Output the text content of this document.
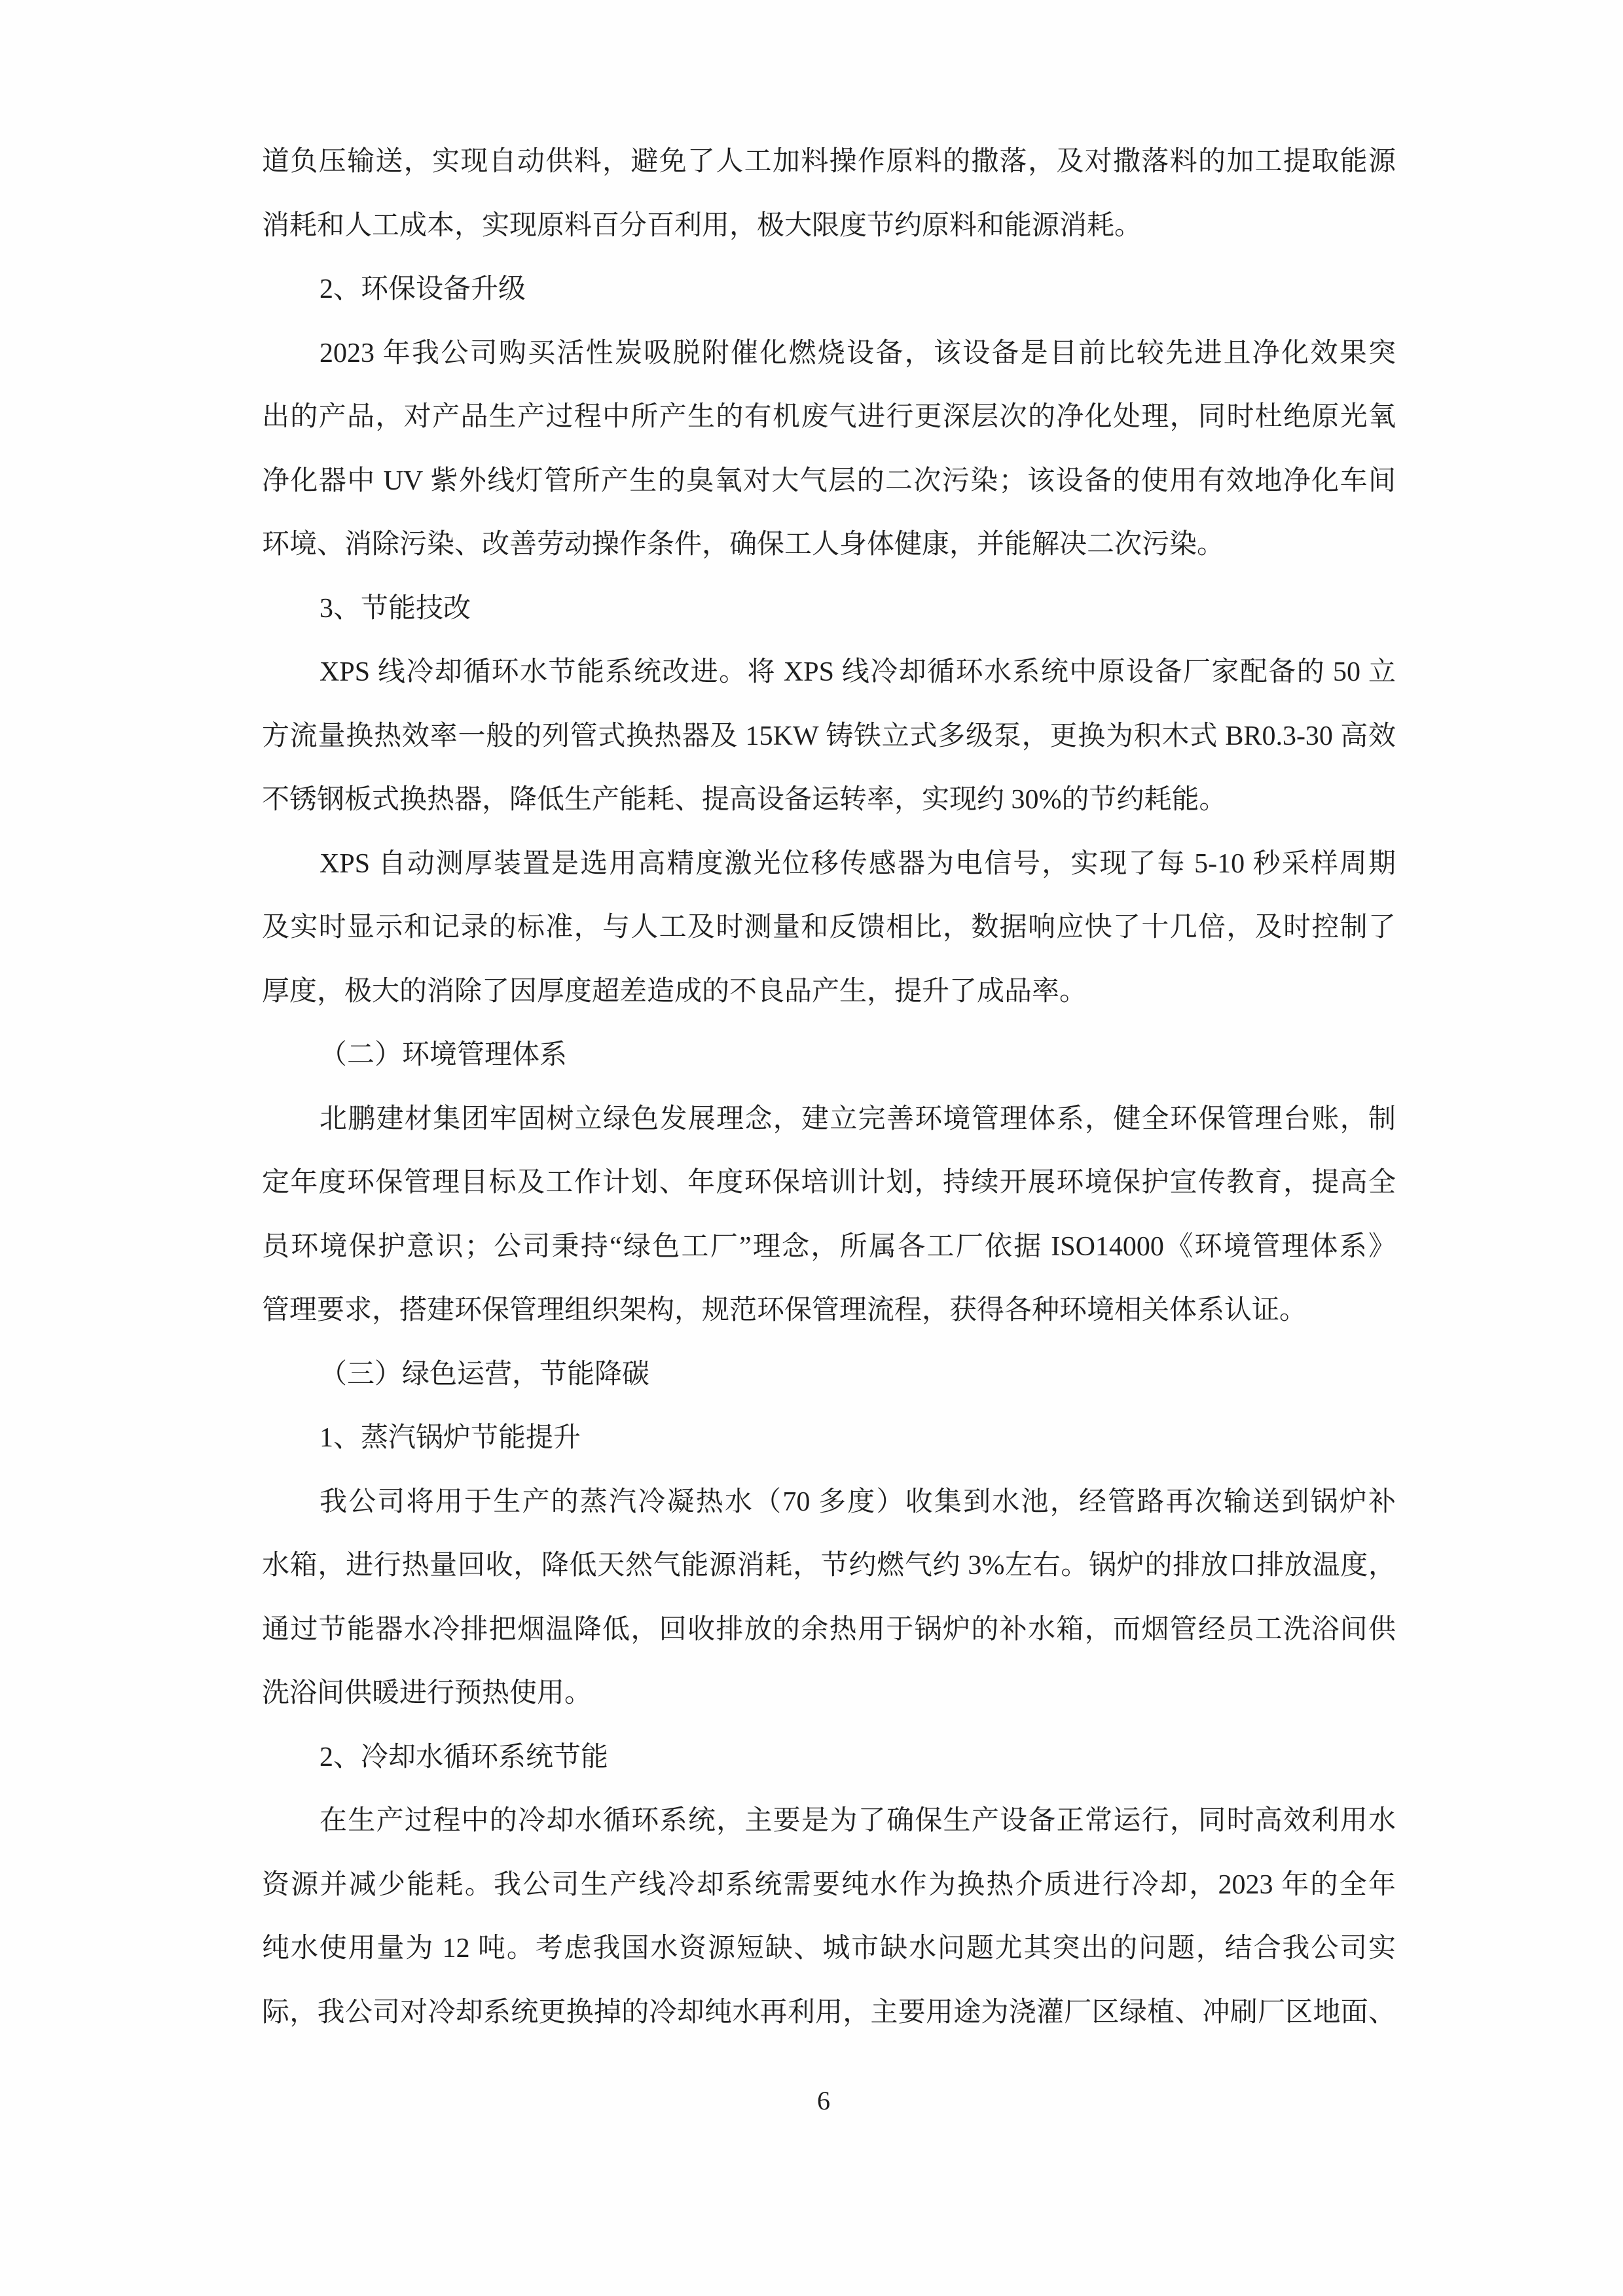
道负压输送，实现自动供料，避免了人工加料操作原料的撒落，及对撒落料的加工提取能源
消耗和人工成本，实现原料百分百利用，极大限度节约原料和能源消耗。
2、环保设备升级
2023 年我公司购买活性炭吸脱附催化燃烧设备，该设备是目前比较先进且净化效果突
出的产品，对产品生产过程中所产生的有机废气进行更深层次的净化处理，同时杜绝原光氧
净化器中 UV 紫外线灯管所产生的臭氧对大气层的二次污染；该设备的使用有效地净化车间
环境、消除污染、改善劳动操作条件，确保工人身体健康，并能解决二次污染。
3、节能技改
XPS 线冷却循环水节能系统改进。将 XPS 线冷却循环水系统中原设备厂家配备的 50 立
方流量换热效率一般的列管式换热器及 15KW 铸铁立式多级泵，更换为积木式 BR0.3-30 高效
不锈钢板式换热器，降低生产能耗、提高设备运转率，实现约 30%的节约耗能。
XPS 自动测厚装置是选用高精度激光位移传感器为电信号，实现了每 5-10 秒采样周期
及实时显示和记录的标准，与人工及时测量和反馈相比，数据响应快了十几倍，及时控制了
厚度，极大的消除了因厚度超差造成的不良品产生，提升了成品率。
（二）环境管理体系
北鹏建材集团牢固树立绿色发展理念，建立完善环境管理体系，健全环保管理台账，制
定年度环保管理目标及工作计划、年度环保培训计划，持续开展环境保护宣传教育，提高全
员环境保护意识；公司秉持“绿色工厂”理念，所属各工厂依据 ISO14000《环境管理体系》
管理要求，搭建环保管理组织架构，规范环保管理流程，获得各种环境相关体系认证。
（三）绿色运营，节能降碳
1、蒸汽锅炉节能提升
我公司将用于生产的蒸汽冷凝热水（70 多度）收集到水池，经管路再次输送到锅炉补
水箱，进行热量回收，降低天然气能源消耗，节约燃气约 3%左右。锅炉的排放口排放温度，
通过节能器水冷排把烟温降低，回收排放的余热用于锅炉的补水箱，而烟管经员工洗浴间供
洗浴间供暖进行预热使用。
2、冷却水循环系统节能
在生产过程中的冷却水循环系统，主要是为了确保生产设备正常运行，同时高效利用水
资源并减少能耗。我公司生产线冷却系统需要纯水作为换热介质进行冷却，2023 年的全年
纯水使用量为 12 吨。考虑我国水资源短缺、城市缺水问题尤其突出的问题，结合我公司实
际，我公司对冷却系统更换掉的冷却纯水再利用，主要用途为浇灌厂区绿植、冲刷厂区地面、
6
